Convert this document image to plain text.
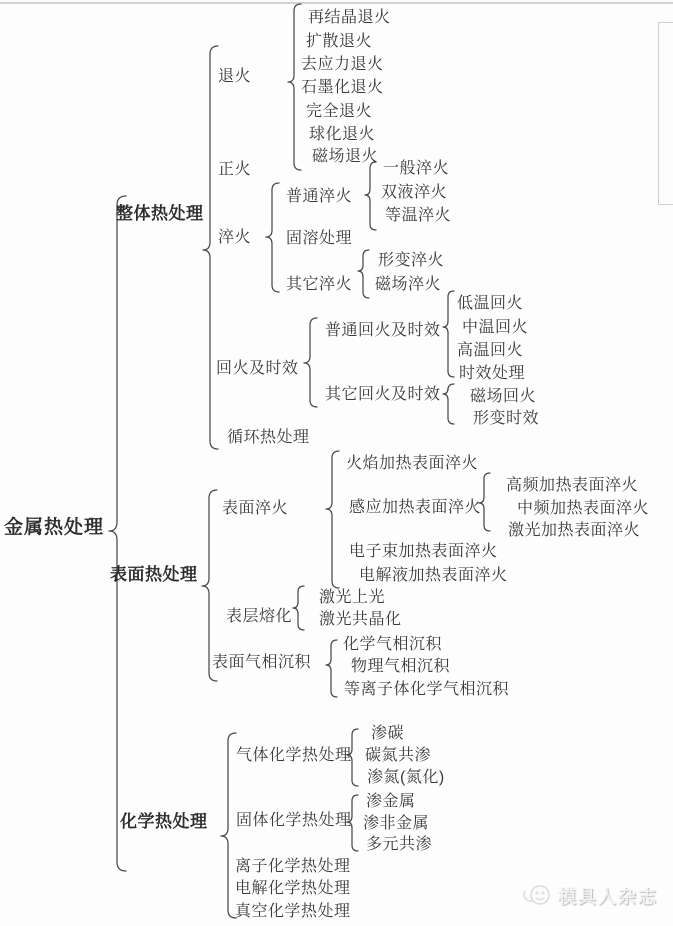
金属热处理
整体热处理
表面热处理
化学热处理
退火
正火
淬火
回火及时效
循环热处理
再结晶退火
扩散退火
去应力退火
石墨化退火
完全退火
球化退火
磁场退火
普通淬火
固溶处理
其它淬火
一般淬火
双液淬火
等温淬火
形变淬火
磁场淬火
普通回火及时效
其它回火及时效
低温回火
中温回火
高温回火
时效处理
磁场回火
形变时效
表面淬火
表层熔化
表面气相沉积
火焰加热表面淬火
感应加热表面淬火
电子束加热表面淬火
电解液加热表面淬火
高频加热表面淬火
中频加热表面淬火
激光加热表面淬火
激光上光
激光共晶化
化学气相沉积
物理气相沉积
等离子体化学气相沉积
气体化学热处理
固体化学热处理
离子化学热处理
电解化学热处理
真空化学热处理
渗碳
碳氮共渗
渗氮(氮化)
渗金属
渗非金属
多元共渗
模具人杂志
